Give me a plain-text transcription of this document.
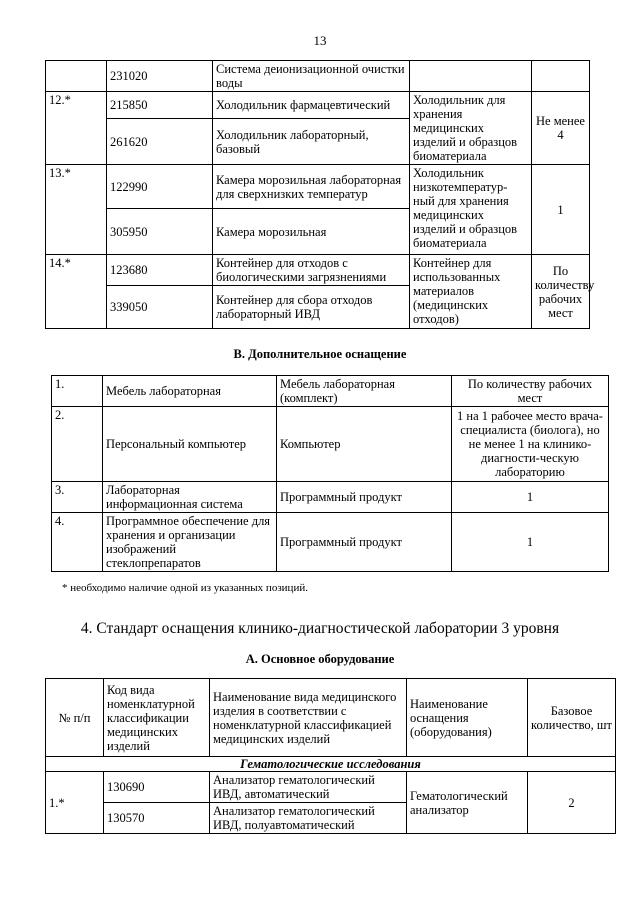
13
	231020	Система деионизационной очистки воды		
12.*	215850	Холодильник фармацевтический	Холодильник для хранения медицинских изделий и образцов биоматериала	Не менее 4
	261620	Холодильник лабораторный, базовый		
13.*	122990	Камера морозильная лабораторная для сверхнизких температур	Холодильник низкотемператур-ный для хранения медицинских изделий и образцов биоматериала	1
	305950	Камера морозильная		
14.*	123680	Контейнер для отходов с биологическими загрязнениями	Контейнер для использованных материалов (медицинских отходов)	По количеству рабочих мест
	339050	Контейнер для сбора отходов лабораторный ИВД		
В. Дополнительное оснащение
1.	Мебель лабораторная	Мебель лабораторная (комплект)	По количеству рабочих мест
2.	Персональный компьютер	Компьютер	1 на 1 рабочее место врача-специалиста (биолога), но не менее 1 на клинико-диагности-ческую лабораторию
3.	Лабораторная информационная система	Программный продукт	1
4.	Программное обеспечение для хранения и организации изображений стеклопрепаратов	Программный продукт	1
* необходимо наличие одной из указанных позиций.
4. Стандарт оснащения клинико-диагностической лаборатории 3 уровня
А. Основное оборудование
№ п/п	Код вида номенклатурной классификации медицинских изделий	Наименование вида медицинского изделия в соответствии с номенклатурной классификацией медицинских изделий	Наименование оснащения (оборудования)	Базовое количество, шт
Гематологические исследования				
1.*	130690	Анализатор гематологический ИВД, автоматический	Гематологический анализатор	2
	130570	Анализатор гематологический ИВД, полуавтоматический		
